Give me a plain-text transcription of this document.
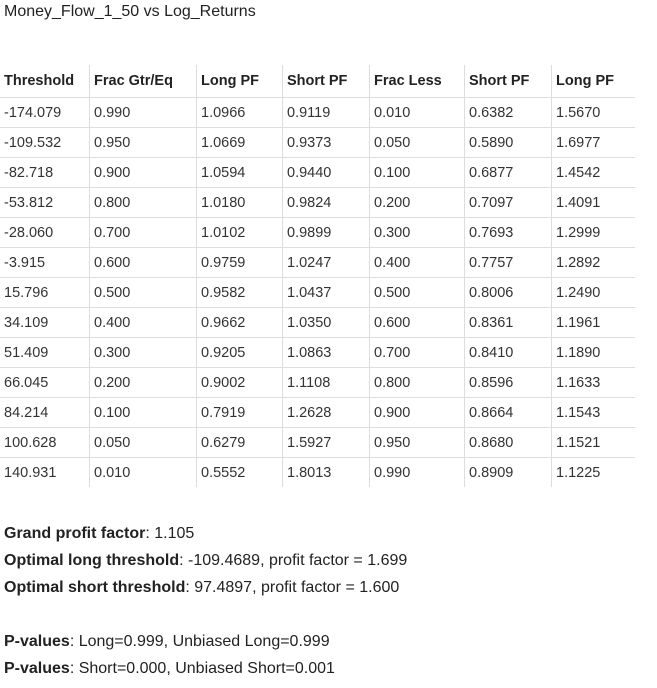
Money_Flow_1_50 vs Log_Returns
Threshold	Frac Gtr/Eq	Long PF	Short PF	Frac Less	Short PF	Long PF
-174.079	0.990	1.0966	0.9119	0.010	0.6382	1.5670
-109.532	0.950	1.0669	0.9373	0.050	0.5890	1.6977
-82.718	0.900	1.0594	0.9440	0.100	0.6877	1.4542
-53.812	0.800	1.0180	0.9824	0.200	0.7097	1.4091
-28.060	0.700	1.0102	0.9899	0.300	0.7693	1.2999
-3.915	0.600	0.9759	1.0247	0.400	0.7757	1.2892
15.796	0.500	0.9582	1.0437	0.500	0.8006	1.2490
34.109	0.400	0.9662	1.0350	0.600	0.8361	1.1961
51.409	0.300	0.9205	1.0863	0.700	0.8410	1.1890
66.045	0.200	0.9002	1.1108	0.800	0.8596	1.1633
84.214	0.100	0.7919	1.2628	0.900	0.8664	1.1543
100.628	0.050	0.6279	1.5927	0.950	0.8680	1.1521
140.931	0.010	0.5552	1.8013	0.990	0.8909	1.1225
Grand profit factor: 1.105
Optimal long threshold: -109.4689, profit factor = 1.699
Optimal short threshold: 97.4897, profit factor = 1.600
P-values: Long=0.999, Unbiased Long=0.999
P-values: Short=0.000, Unbiased Short=0.001
